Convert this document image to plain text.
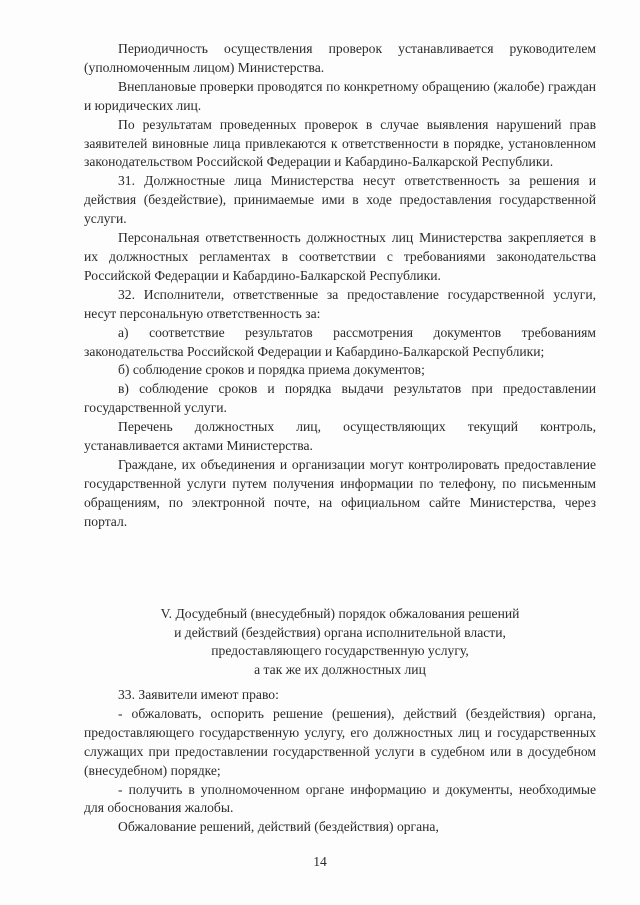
Периодичность осуществления проверок устанавливается руководителем (уполномоченным лицом) Министерства.

Внеплановые проверки проводятся по конкретному обращению (жалобе) граждан и юридических лиц.

По результатам проведенных проверок в случае выявления нарушений прав заявителей виновные лица привлекаются к ответственности в порядке, установленном законодательством Российской Федерации и Кабардино-Балкарской Республики.

31. Должностные лица Министерства несут ответственность за решения и действия (бездействие), принимаемые ими в ходе предоставления государственной услуги.

Персональная ответственность должностных лиц Министерства закрепляется в их должностных регламентах в соответствии с требованиями законодательства Российской Федерации и Кабардино-Балкарской Республики.

32. Исполнители, ответственные за предоставление государственной услуги, несут персональную ответственность за:

а) соответствие результатов рассмотрения документов требованиям законодательства Российской Федерации и Кабардино-Балкарской Республики;

б) соблюдение сроков и порядка приема документов;

в) соблюдение сроков и порядка выдачи результатов при предоставлении государственной услуги.

Перечень должностных лиц, осуществляющих текущий контроль, устанавливается актами Министерства.

Граждане, их объединения и организации могут контролировать предоставление государственной услуги путем получения информации по телефону, по письменным обращениям, по электронной почте, на официальном сайте Министерства, через портал.

V. Досудебный (внесудебный) порядок обжалования решений
и действий (бездействия) органа исполнительной власти,
предоставляющего государственную услугу,
а так же их должностных лиц

33. Заявители имеют право:

- обжаловать, оспорить решение (решения), действий (бездействия) органа, предоставляющего государственную услугу, его должностных лиц и государственных служащих при предоставлении государственной услуги в судебном или в досудебном (внесудебном) порядке;

- получить в уполномоченном органе информацию и документы, необходимые для обоснования жалобы.

Обжалование решений, действий (бездействия) органа,

14
